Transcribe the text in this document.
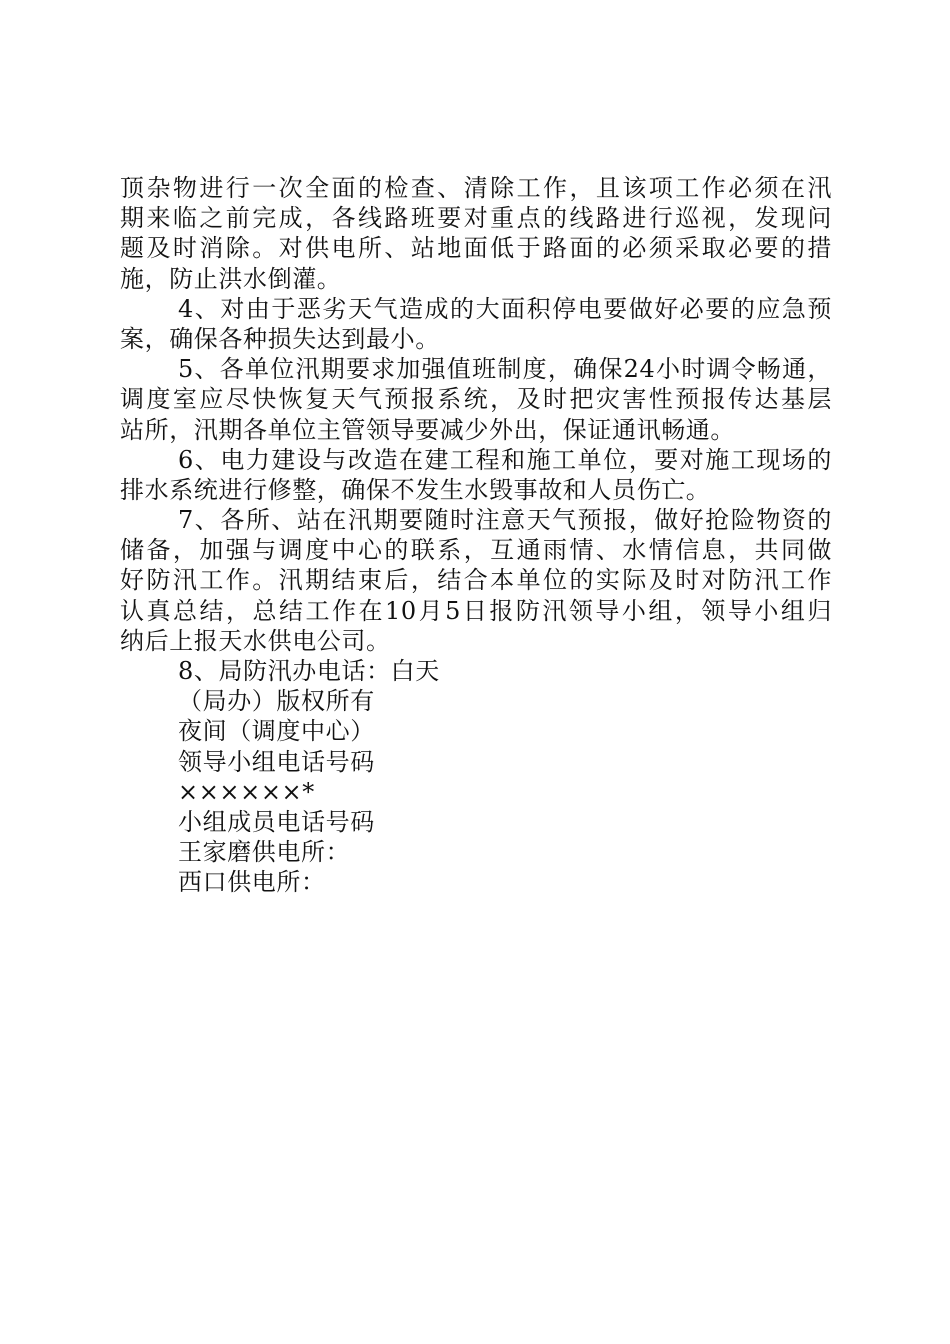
顶杂物进行一次全面的检查、清除工作，且该项工作必须在汛
期来临之前完成，各线路班要对重点的线路进行巡视，发现问
题及时消除。对供电所、站地面低于路面的必须采取必要的措
施，防止洪水倒灌。
4、对由于恶劣天气造成的大面积停电要做好必要的应急预
案，确保各种损失达到最小。
5、各单位汛期要求加强值班制度，确保24小时调令畅通，
调度室应尽快恢复天气预报系统，及时把灾害性预报传达基层
站所，汛期各单位主管领导要减少外出，保证通讯畅通。
6、电力建设与改造在建工程和施工单位，要对施工现场的
排水系统进行修整，确保不发生水毁事故和人员伤亡。
7、各所、站在汛期要随时注意天气预报，做好抢险物资的
储备，加强与调度中心的联系，互通雨情、水情信息，共同做
好防汛工作。汛期结束后，结合本单位的实际及时对防汛工作
认真总结，总结工作在10月5日报防汛领导小组，领导小组归
纳后上报天水供电公司。
8、局防汛办电话：白天
（局办）版权所有
夜间（调度中心）
领导小组电话号码
××××××*
小组成员电话号码
王家磨供电所：
西口供电所：
